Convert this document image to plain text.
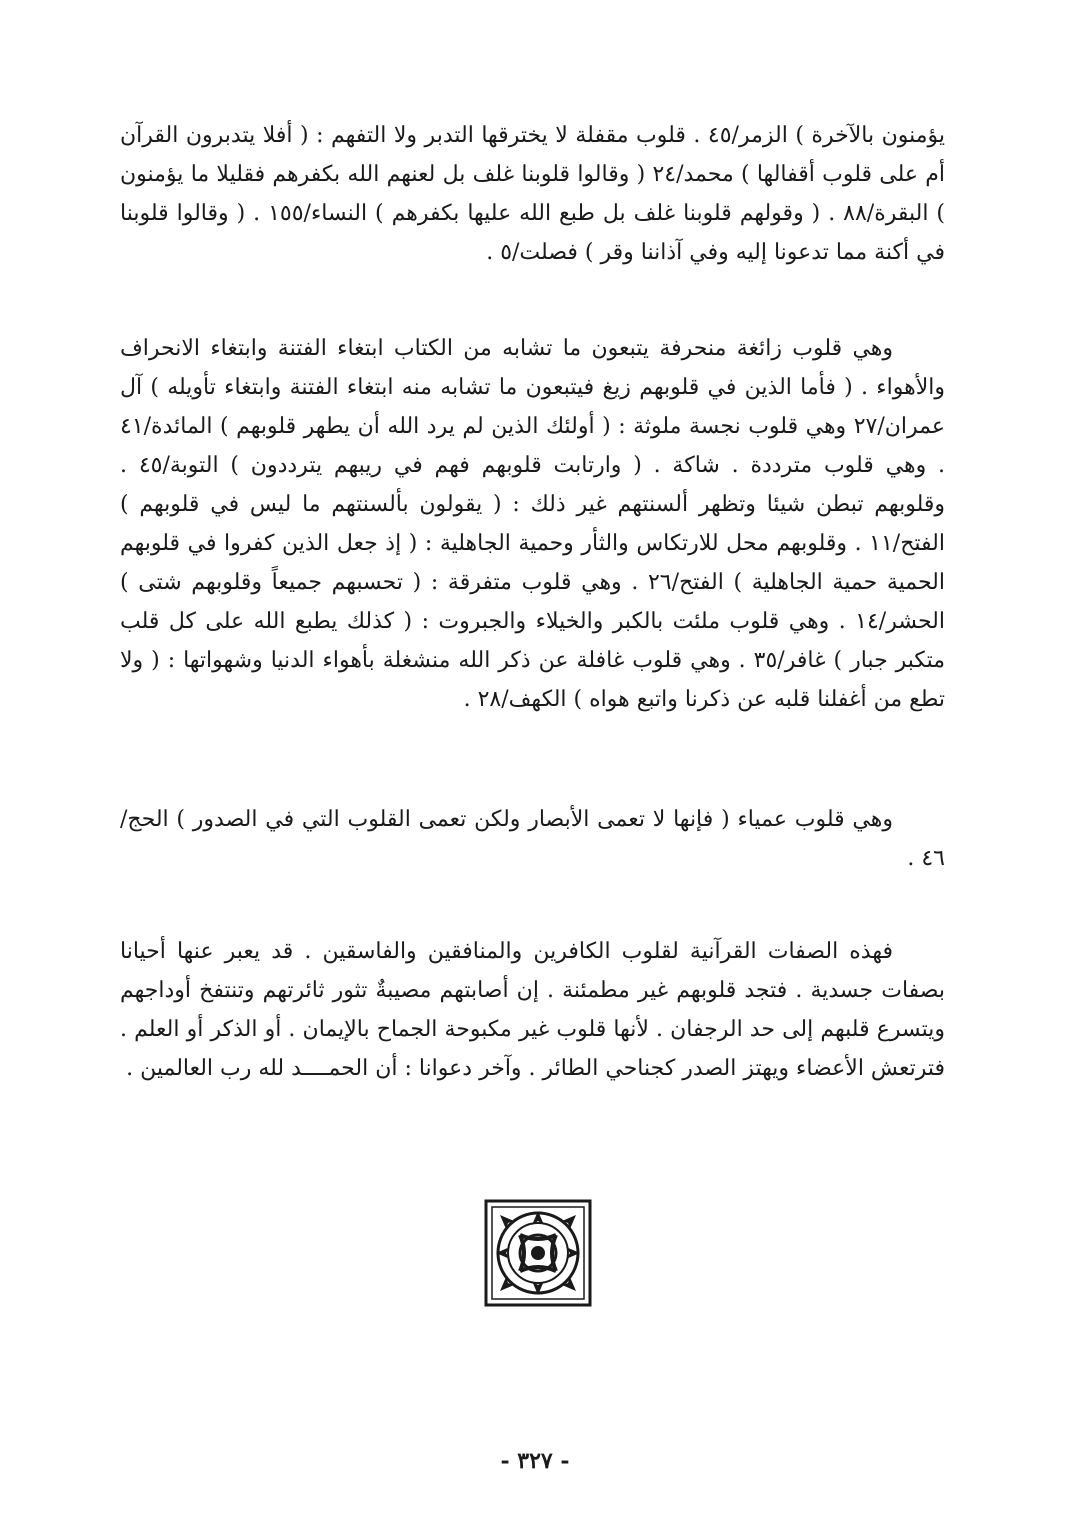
يؤمنون بالآخرة ) الزمر/٤٥ . قلوب مقفلة لا يخترقها التدبر ولا التفهم : ( أفلا يتدبرون القرآن أم على قلوب أقفالها ) محمد/٢٤ ( وقالوا قلوبنا غلف بل لعنهم الله بكفرهم فقليلا ما يؤمنون ) البقرة/٨٨ . ( وقولهم قلوبنا غلف بل طبع الله عليها بكفرهم ) النساء/١٥٥ . ( وقالوا قلوبنا في أكنة مما تدعونا إليه وفي آذاننا وقر ) فصلت/٥ .

وهي قلوب زائغة منحرفة يتبعون ما تشابه من الكتاب ابتغاء الفتنة وابتغاء الانحراف والأهواء . ( فأما الذين في قلوبهم زيغ فيتبعون ما تشابه منه ابتغاء الفتنة وابتغاء تأويله ) آل عمران/٢٧ وهي قلوب نجسة ملوثة : ( أولئك الذين لم يرد الله أن يطهر قلوبهم ) المائدة/٤١ . وهي قلوب مترددة . شاكة . ( وارتابت قلوبهم فهم في ريبهم يترددون ) التوبة/٤٥ . وقلوبهم تبطن شيئا وتظهر ألسنتهم غير ذلك : ( يقولون بألسنتهم ما ليس في قلوبهم ) الفتح/١١ . وقلوبهم محل للارتكاس والثأر وحمية الجاهلية : ( إذ جعل الذين كفروا في قلوبهم الحمية حمية الجاهلية ) الفتح/٢٦ . وهي قلوب متفرقة : ( تحسبهم جميعاً وقلوبهم شتى ) الحشر/١٤ . وهي قلوب ملئت بالكبر والخيلاء والجبروت : ( كذلك يطبع الله على كل قلب متكبر جبار ) غافر/٣٥ . وهي قلوب غافلة عن ذكر الله منشغلة بأهواء الدنيا وشهواتها : ( ولا تطع من أغفلنا قلبه عن ذكرنا واتبع هواه ) الكهف/٢٨ .

وهي قلوب عمياء ( فإنها لا تعمى الأبصار ولكن تعمى القلوب التي في الصدور ) الحج/٤٦ .

فهذه الصفات القرآنية لقلوب الكافرين والمنافقين والفاسقين . قد يعبر عنها أحيانا بصفات جسدية . فتجد قلوبهم غير مطمئنة . إن أصابتهم مصيبةٌ تثور ثائرتهم وتنتفخ أوداجهم ويتسرع قلبهم إلى حد الرجفان . لأنها قلوب غير مكبوحة الجماح بالإيمان . أو الذكر أو العلم . فترتعش الأعضاء ويهتز الصدر كجناحي الطائر . وآخر دعوانا : أن الحمــــد لله رب العالمين .

- ٣٢٧ -
